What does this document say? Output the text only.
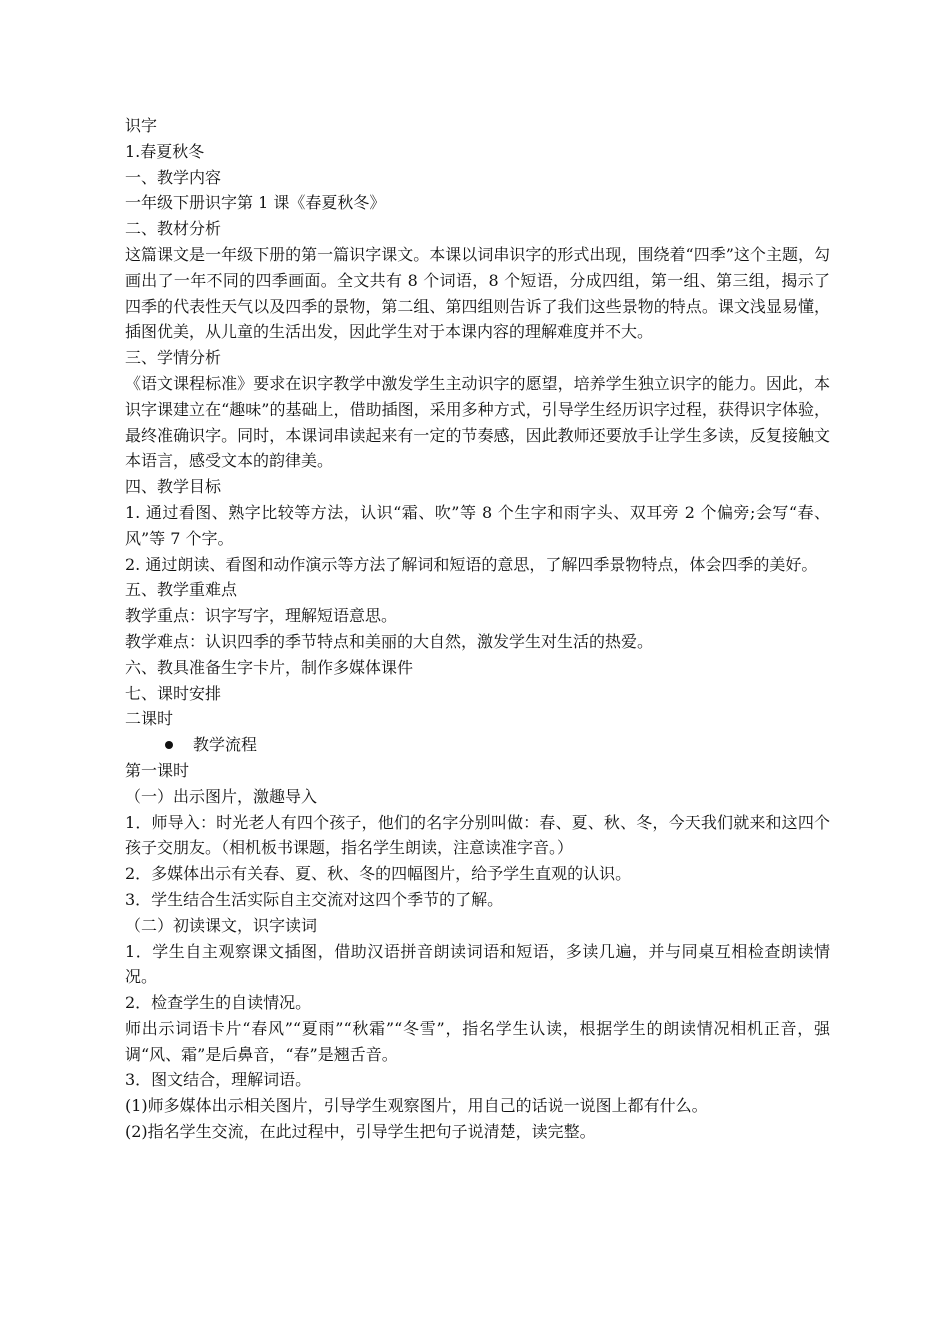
识字
1.春夏秋冬
一、教学内容
一年级下册识字第 1 课《春夏秋冬》
二、教材分析
这篇课文是一年级下册的第一篇识字课文。本课以词串识字的形式出现，围绕着“四季”这个主题，勾画出了一年不同的四季画面。全文共有 8 个词语，8 个短语，分成四组，第一组、第三组，揭示了四季的代表性天气以及四季的景物，第二组、第四组则告诉了我们这些景物的特点。课文浅显易懂，插图优美，从儿童的生活出发，因此学生对于本课内容的理解难度并不大。
三、学情分析
《语文课程标准》要求在识字教学中激发学生主动识字的愿望，培养学生独立识字的能力。因此，本识字课建立在“趣味”的基础上，借助插图，采用多种方式，引导学生经历识字过程，获得识字体验，最终准确识字。同时，本课词串读起来有一定的节奏感，因此教师还要放手让学生多读，反复接触文本语言，感受文本的韵律美。
四、教学目标
1. 通过看图、熟字比较等方法，认识“霜、吹”等 8 个生字和雨字头、双耳旁 2 个偏旁;会写“春、风”等 7 个字。
2. 通过朗读、看图和动作演示等方法了解词和短语的意思，了解四季景物特点，体会四季的美好。
五、教学重难点
教学重点：识字写字，理解短语意思。
教学难点：认识四季的季节特点和美丽的大自然，激发学生对生活的热爱。
六、教具准备生字卡片，制作多媒体课件
七、课时安排
二课时
教学流程
第一课时
（一）出示图片，激趣导入
1．师导入：时光老人有四个孩子，他们的名字分别叫做：春、夏、秋、冬，今天我们就来和这四个孩子交朋友。（相机板书课题，指名学生朗读，注意读准字音。）
2．多媒体出示有关春、夏、秋、冬的四幅图片，给予学生直观的认识。
3．学生结合生活实际自主交流对这四个季节的了解。
（二）初读课文，识字读词
1．学生自主观察课文插图，借助汉语拼音朗读词语和短语，多读几遍，并与同桌互相检查朗读情况。
2．检查学生的自读情况。
师出示词语卡片“春风”“夏雨”“秋霜”“冬雪”，指名学生认读，根据学生的朗读情况相机正音，强调“风、霜”是后鼻音，“春”是翘舌音。
3．图文结合，理解词语。
(1)师多媒体出示相关图片，引导学生观察图片，用自己的话说一说图上都有什么。
(2)指名学生交流，在此过程中，引导学生把句子说清楚，读完整。
